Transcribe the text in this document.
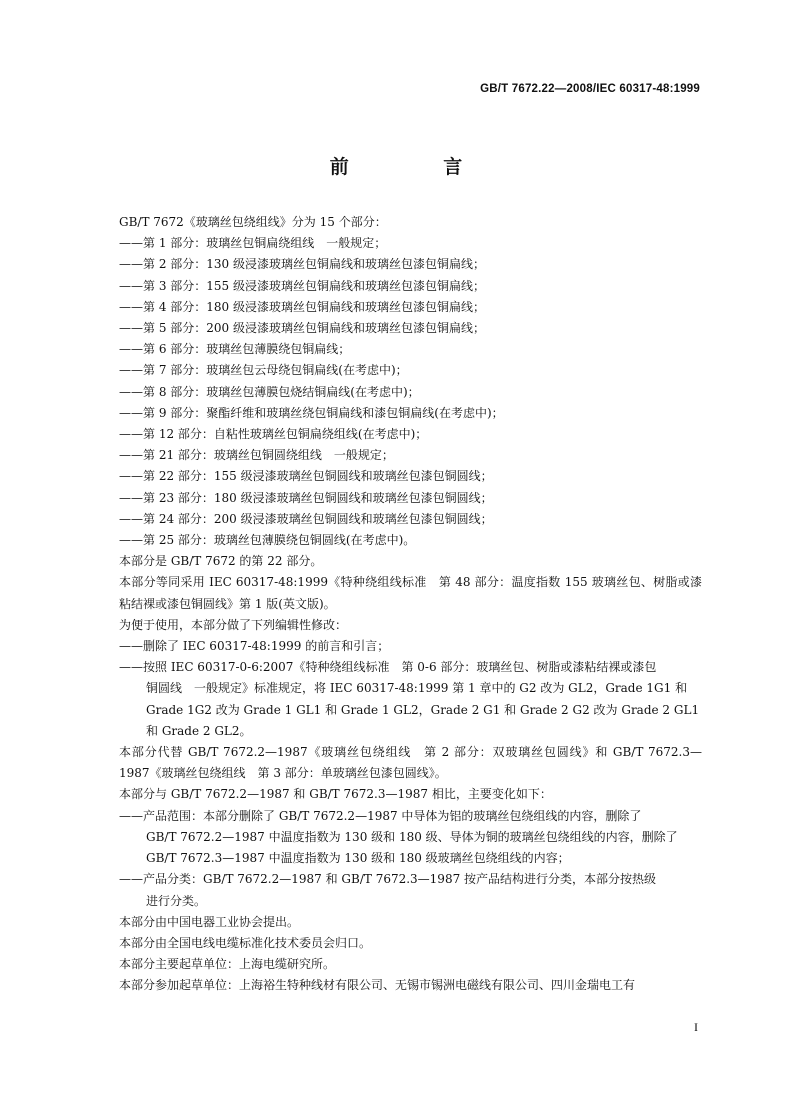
GB/T 7672.22—2008/IEC 60317-48:1999
前 言

GB/T 7672《玻璃丝包绕组线》分为 15 个部分：

——第 1 部分：玻璃丝包铜扁绕组线　一般规定；

——第 2 部分：130 级浸漆玻璃丝包铜扁线和玻璃丝包漆包铜扁线；

——第 3 部分：155 级浸漆玻璃丝包铜扁线和玻璃丝包漆包铜扁线；

——第 4 部分：180 级浸漆玻璃丝包铜扁线和玻璃丝包漆包铜扁线；

——第 5 部分：200 级浸漆玻璃丝包铜扁线和玻璃丝包漆包铜扁线；

——第 6 部分：玻璃丝包薄膜绕包铜扁线；

——第 7 部分：玻璃丝包云母绕包铜扁线(在考虑中)；

——第 8 部分：玻璃丝包薄膜包烧结铜扁线(在考虑中)；

——第 9 部分：聚酯纤维和玻璃丝绕包铜扁线和漆包铜扁线(在考虑中)；

——第 12 部分：自粘性玻璃丝包铜扁绕组线(在考虑中)；

——第 21 部分：玻璃丝包铜圆绕组线　一般规定；

——第 22 部分：155 级浸漆玻璃丝包铜圆线和玻璃丝包漆包铜圆线；

——第 23 部分：180 级浸漆玻璃丝包铜圆线和玻璃丝包漆包铜圆线；

——第 24 部分：200 级浸漆玻璃丝包铜圆线和玻璃丝包漆包铜圆线；

——第 25 部分：玻璃丝包薄膜绕包铜圆线(在考虑中)。

本部分是 GB/T 7672 的第 22 部分。

本部分等同采用 IEC 60317-48:1999《特种绕组线标准　第 48 部分：温度指数 155 玻璃丝包、树脂或漆粘结裸或漆包铜圆线》第 1 版(英文版)。

为便于使用，本部分做了下列编辑性修改：

——删除了 IEC 60317-48:1999 的前言和引言；

——按照 IEC 60317-0-6:2007《特种绕组线标准　第 0-6 部分：玻璃丝包、树脂或漆粘结裸或漆包

铜圆线　一般规定》标准规定，将 IEC 60317-48:1999 第 1 章中的 G2 改为 GL2，Grade 1G1 和 Grade 1G2 改为 Grade 1 GL1 和 Grade 1 GL2，Grade 2 G1 和 Grade 2 G2 改为 Grade 2 GL1 和 Grade 2 GL2。

本部分代替 GB/T 7672.2—1987《玻璃丝包绕组线　第 2 部分：双玻璃丝包圆线》和 GB/T 7672.3—1987《玻璃丝包绕组线　第 3 部分：单玻璃丝包漆包圆线》。

本部分与 GB/T 7672.2—1987 和 GB/T 7672.3—1987 相比，主要变化如下：

——产品范围：本部分删除了 GB/T 7672.2—1987 中导体为铝的玻璃丝包绕组线的内容，删除了

GB/T 7672.2—1987 中温度指数为 130 级和 180 级、导体为铜的玻璃丝包绕组线的内容，删除了 GB/T 7672.3—1987 中温度指数为 130 级和 180 级玻璃丝包绕组线的内容；

——产品分类：GB/T 7672.2—1987 和 GB/T 7672.3—1987 按产品结构进行分类，本部分按热级

进行分类。

本部分由中国电器工业协会提出。

本部分由全国电线电缆标准化技术委员会归口。

本部分主要起草单位：上海电缆研究所。

本部分参加起草单位：上海裕生特种线材有限公司、无锡市锡洲电磁线有限公司、四川金瑞电工有

I
